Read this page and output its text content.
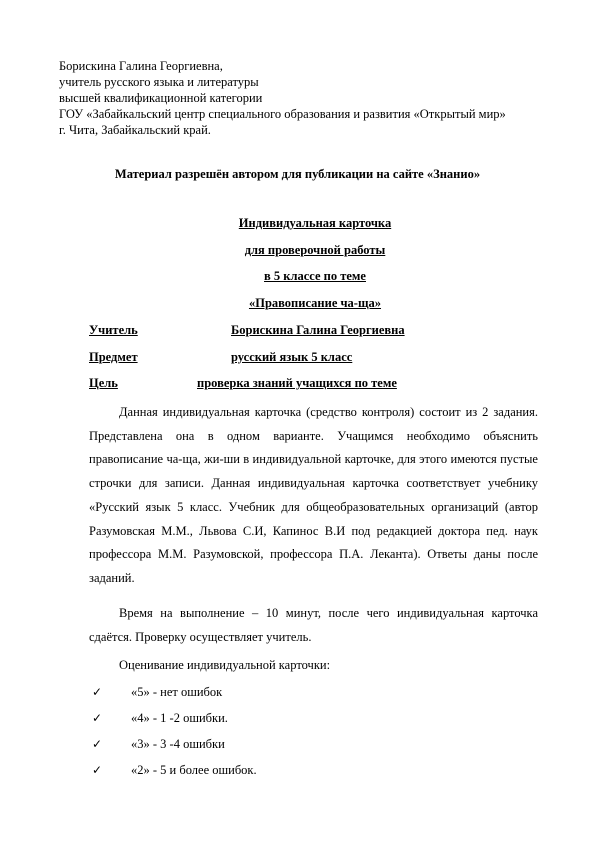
Борискина Галина Георгиевна,
учитель русского языка и литературы
высшей квалификационной категории
ГОУ «Забайкальский центр специального образования и развития «Открытый мир»
г. Чита, Забайкальский край.
Материал разрешён автором для публикации на сайте «Знанио»
Индивидуальная карточка
для проверочной работы
в 5 классе по теме
«Правописание ча-ща»
Учитель	Борискина Галина Георгиевна
Предмет	русский язык 5 класс
Цель	проверка знаний учащихся по теме
Данная индивидуальная карточка (средство контроля) состоит из 2 задания. Представлена она в одном варианте. Учащимся необходимо объяснить правописание ча-ща, жи-ши в индивидуальной карточке, для этого имеются пустые строчки для записи. Данная индивидуальная карточка соответствует учебнику «Русский язык 5 класс. Учебник для общеобразовательных организаций (автор Разумовская М.М., Львова С.И, Капинос В.И под редакцией доктора пед. наук профессора М.М. Разумовской, профессора П.А. Леканта). Ответы даны после заданий.
Время на выполнение – 10 минут, после чего индивидуальная карточка сдаётся. Проверку осуществляет учитель.
Оценивание индивидуальной карточки:
✓ «5» - нет ошибок
✓ «4» - 1 -2 ошибки.
✓ «3» - 3 -4 ошибки
✓ «2» - 5 и более ошибок.
